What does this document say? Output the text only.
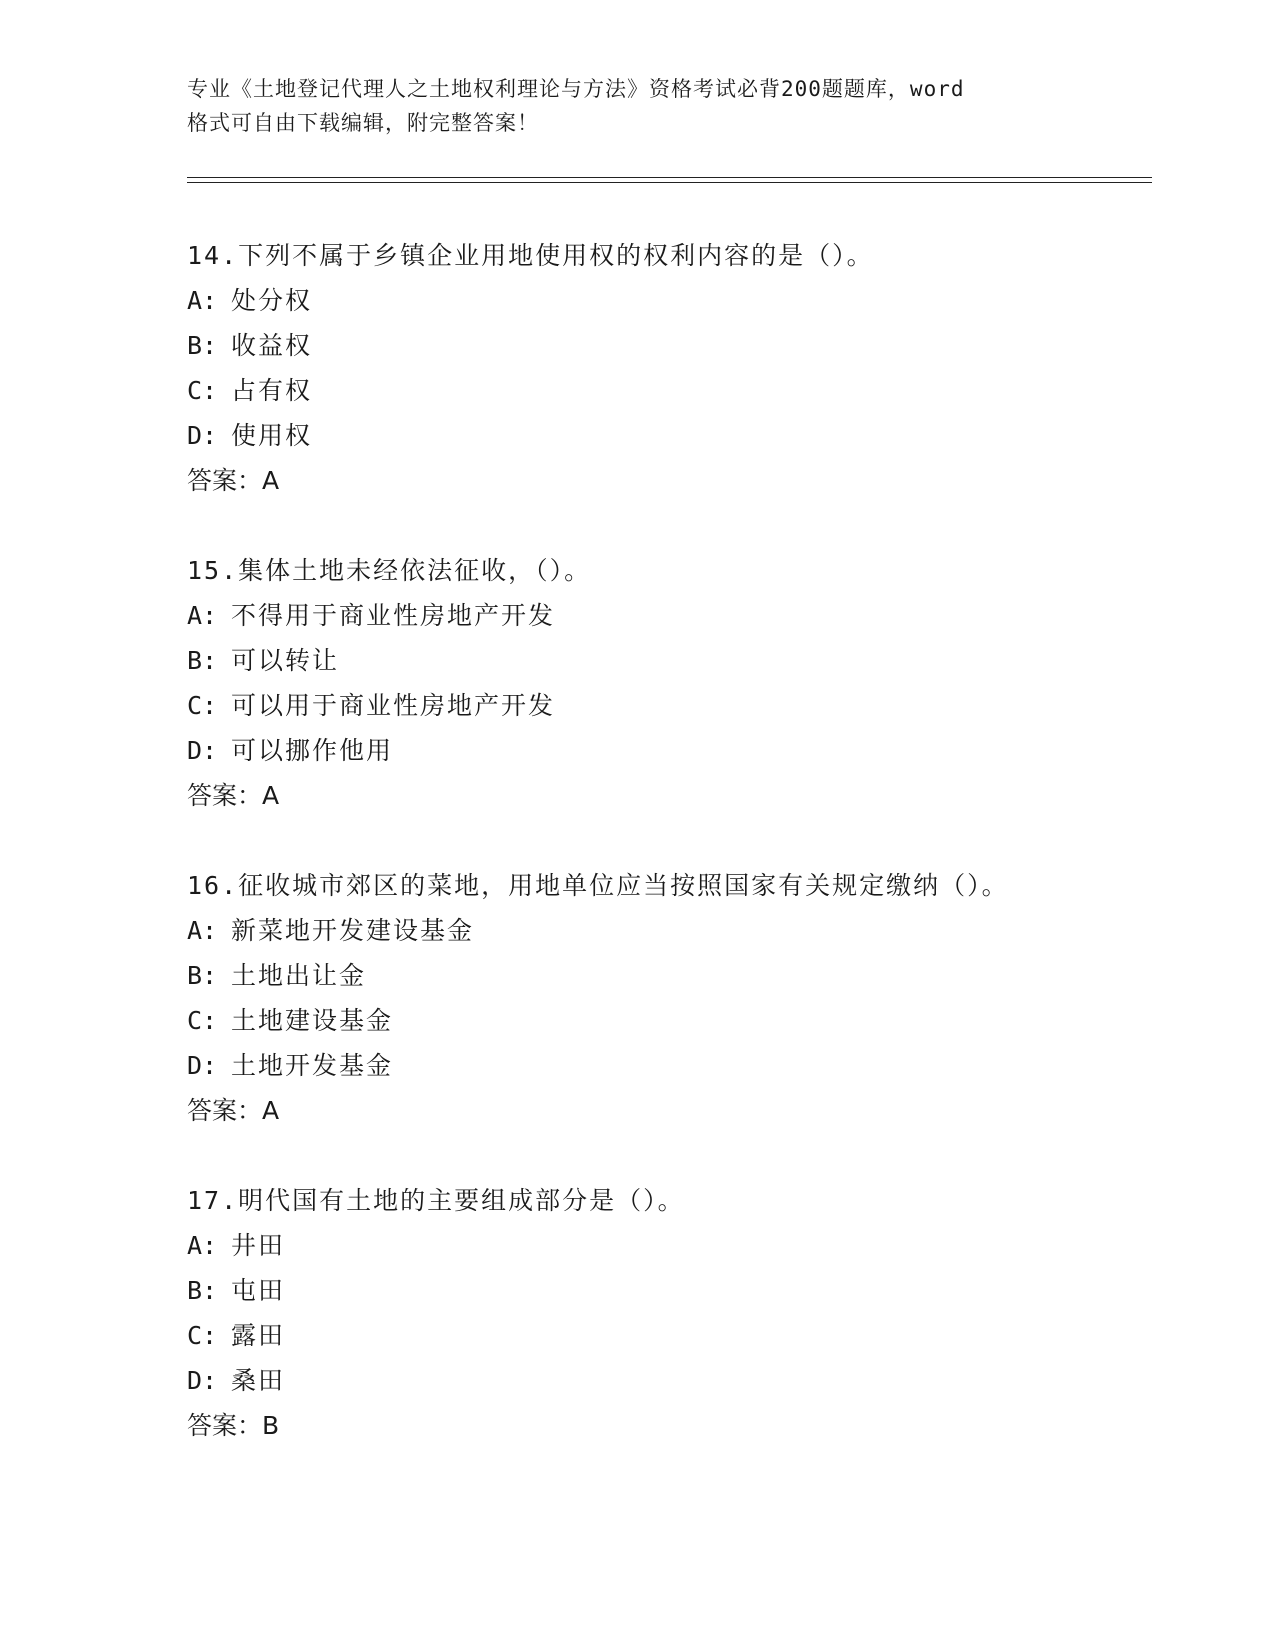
专业《土地登记代理人之土地权利理论与方法》资格考试必背200题题库，word
格式可自由下载编辑，附完整答案！
14.下列不属于乡镇企业用地使用权的权利内容的是（）。
A: 处分权
B: 收益权
C: 占有权
D: 使用权
答案：A
15.集体土地未经依法征收，（）。
A: 不得用于商业性房地产开发
B: 可以转让
C: 可以用于商业性房地产开发
D: 可以挪作他用
答案：A
16.征收城市郊区的菜地，用地单位应当按照国家有关规定缴纳（）。
A: 新菜地开发建设基金
B: 土地出让金
C: 土地建设基金
D: 土地开发基金
答案：A
17.明代国有土地的主要组成部分是（）。
A: 井田
B: 屯田
C: 露田
D: 桑田
答案：B
